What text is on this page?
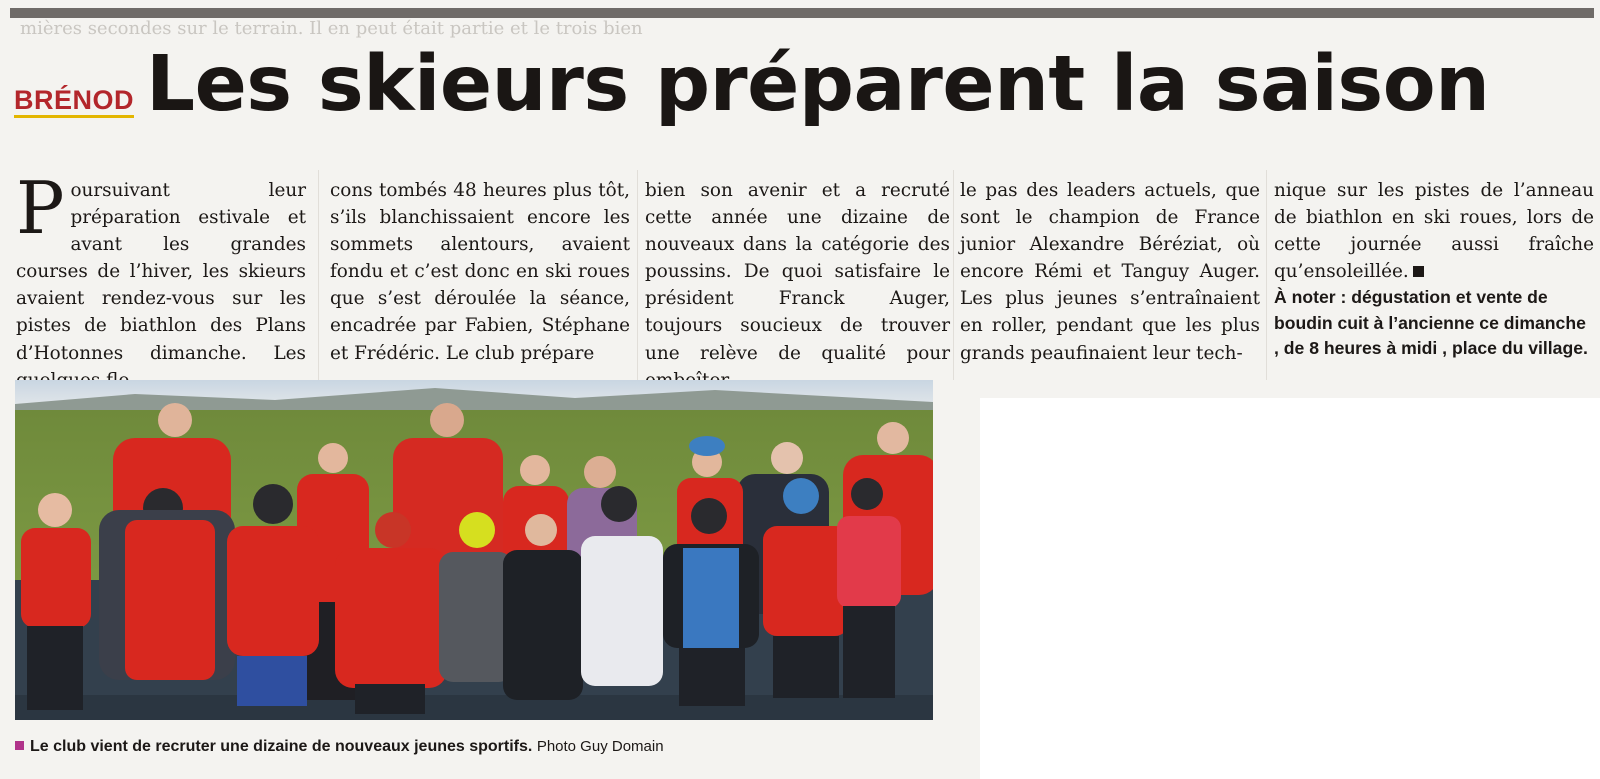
mières secondes sur le terrain. Il en peut était partie et le trois bien
BRÉNOD Les skieurs préparent la saison

Poursuivant leur préparation estivale et avant les grandes courses de l’hiver, les skieurs avaient rendez-vous sur les pistes de biathlon des Plans d’Hotonnes dimanche. Les

cons tombés 48 heures plus tôt, s’ils blanchissaient encore les sommets alentours, avaient fondu et c’est donc en ski roues que s’est déroulée la séance, encadrée par Fabien, Stéphane et Frédéric. Le club prépare

bien son avenir et a recruté cette année une dizaine de nouveaux dans la catégorie des poussins. De quoi satisfaire le président Franck Auger, toujours soucieux de trouver une relève de qualité pour

le pas des leaders actuels, que sont le champion de France junior Alexandre Béréziat, où encore Rémi et Tanguy Auger. Les plus jeunes s’entraînaient en roller, pendant que les plus grands peaufinaient leur tech-

nique sur les pistes de l’anneau de biathlon en ski roues, lors de cette journée aussi fraîche qu’ensoleillée.

À noter : dégustation et vente de boudin cuit à l’ancienne ce dimanche , de 8 heures à midi , place du village.

Le club vient de recruter une dizaine de nouveaux jeunes sportifs. Photo Guy Domain
